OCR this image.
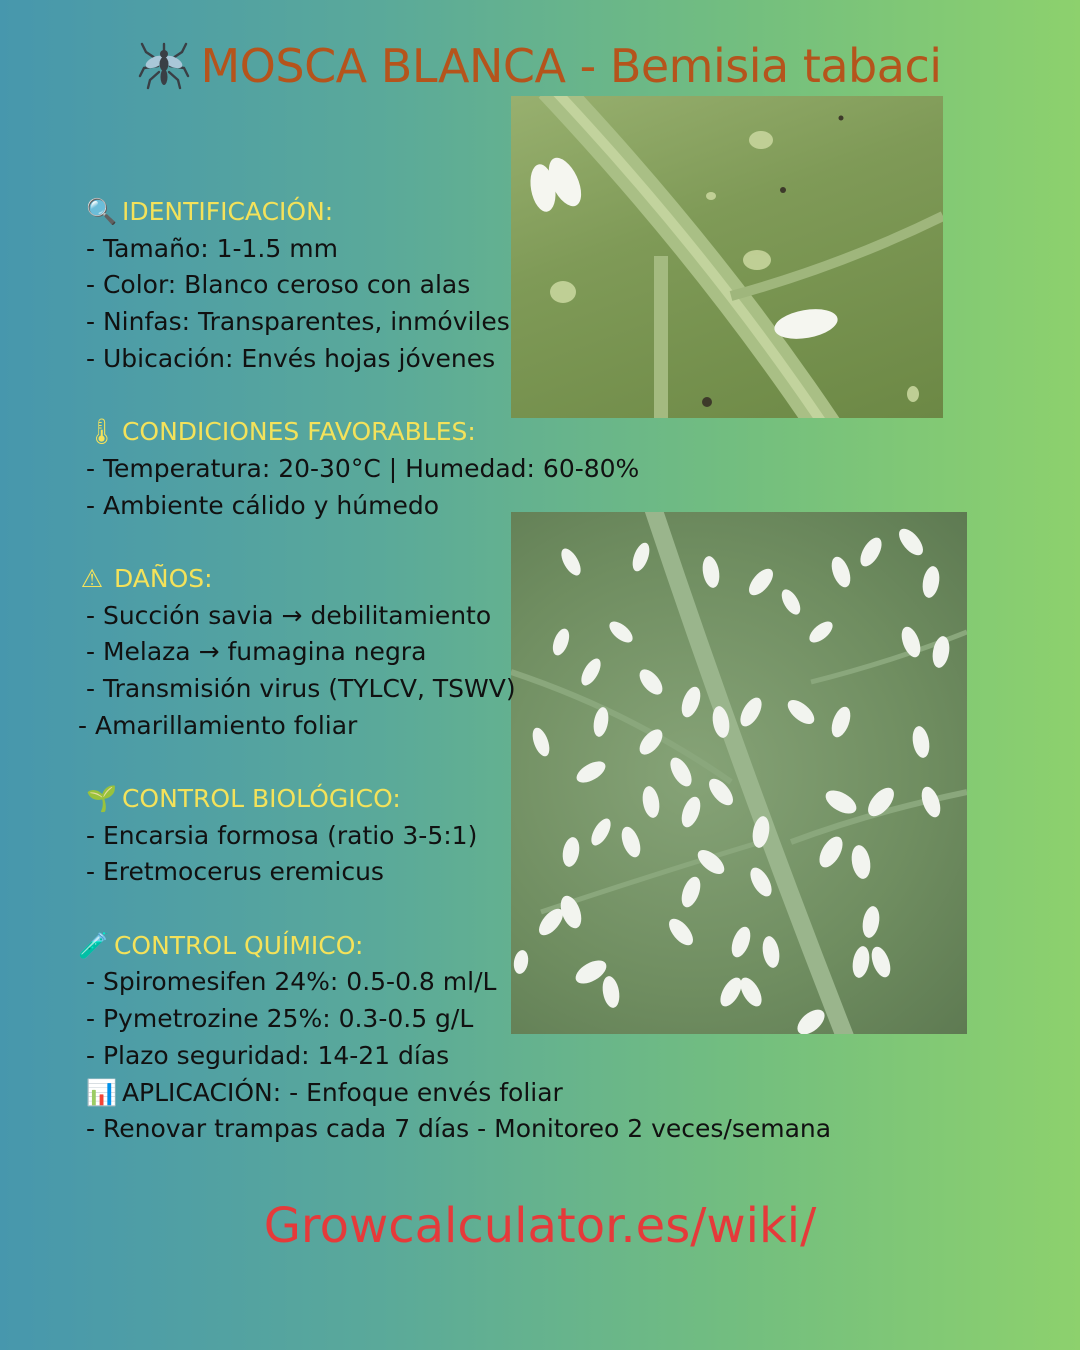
MOSCA BLANCA - Bemisia tabaci
🔍 IDENTIFICACIÓN:
- Tamaño: 1-1.5 mm
- Color: Blanco ceroso con alas
- Ninfas: Transparentes, inmóviles
- Ubicación: Envés hojas jóvenes
🌡 CONDICIONES FAVORABLES:
- Temperatura: 20-30°C | Humedad: 60-80%
- Ambiente cálido y húmedo
⚠ DAÑOS:
- Succión savia → debilitamiento
- Melaza → fumagina negra
- Transmisión virus (TYLCV, TSWV)
- Amarillamiento foliar
🌱 CONTROL BIOLÓGICO:
- Encarsia formosa (ratio 3-5:1)
- Eretmocerus eremicus
🧪 CONTROL QUÍMICO:
- Spiromesifen 24%: 0.5-0.8 ml/L
- Pymetrozine 25%: 0.3-0.5 g/L
- Plazo seguridad: 14-21 días
📊 APLICACIÓN: - Enfoque envés foliar
- Renovar trampas cada 7 días - Monitoreo 2 veces/semana
Growcalculator.es/wiki/
